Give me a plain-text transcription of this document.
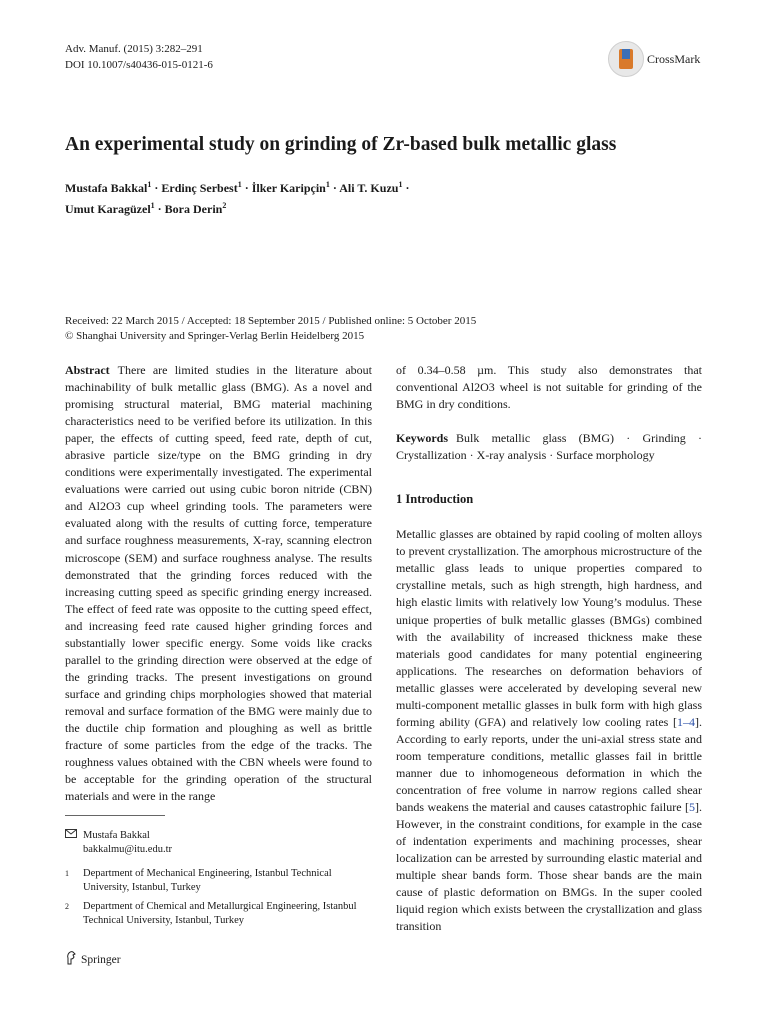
Adv. Manuf. (2015) 3:282–291
DOI 10.1007/s40436-015-0121-6	CrossMark
An experimental study on grinding of Zr-based bulk metallic glass
Mustafa Bakkal$^1$ · Erdinç Serbest$^1$ · İlker Karipçin$^1$ · Ali T. Kuzu$^1$ ·
Umut Karagüzel$^1$ · Bora Derin$^2$
Received: 22 March 2015 / Accepted: 18 September 2015 / Published online: 5 October 2015
© Shanghai University and Springer-Verlag Berlin Heidelberg 2015
Abstract There are limited studies in the literature about machinability of bulk metallic glass (BMG). As a novel and promising structural material, BMG material machining characteristics need to be verified before its utilization. In this paper, the effects of cutting speed, feed rate, depth of cut, abrasive particle size/type on the BMG grinding in dry conditions were experimentally investigated. The experimental evaluations were carried out using cubic boron nitride (CBN) and Al2O3 cup wheel grinding tools. The parameters were evaluated along with the results of cutting force, temperature and surface roughness measurements, X-ray, scanning electron microscope (SEM) and surface roughness analyse. The results demonstrated that the grinding forces reduced with the increasing cutting speed as specific grinding energy increased. The effect of feed rate was opposite to the cutting speed effect, and increasing feed rate caused higher grinding forces and substantially lower specific energy. Some voids like cracks parallel to the grinding direction were observed at the edge of the grinding tracks. The present investigations on ground surface and grinding chips morphologies showed that material removal and surface formation of the BMG were mainly due to the ductile chip formation and ploughing as well as brittle fracture of some particles from the edge of the tracks. The roughness values obtained with the CBN wheels were found to be acceptable for the grinding operation of the structural materials and were in the range
Mustafa Bakkal
bakkalmu@itu.edu.tr
1 Department of Mechanical Engineering, Istanbul Technical University, Istanbul, Turkey
2 Department of Chemical and Metallurgical Engineering, Istanbul Technical University, Istanbul, Turkey
Springer
of 0.34–0.58 µm. This study also demonstrates that conventional Al2O3 wheel is not suitable for grinding of the BMG in dry conditions.
Keywords Bulk metallic glass (BMG) · Grinding · Crystallization · X-ray analysis · Surface morphology
1 Introduction
Metallic glasses are obtained by rapid cooling of molten alloys to prevent crystallization. The amorphous microstructure of the metallic glass leads to unique properties compared to crystalline metals, such as high strength, high hardness, and high elastic limits with relatively low Young’s modulus. These unique properties of bulk metallic glasses (BMGs) combined with the availability of increased thickness make these materials good candidates for many potential engineering applications. The researches on deformation behaviors of metallic glasses were accelerated by developing several new multi-component metallic glasses in bulk form with high glass forming ability (GFA) and relatively low cooling rates [1–4]. According to early reports, under the uni-axial stress state and room temperature conditions, metallic glasses fail in brittle manner due to inhomogeneous deformation in which the concentration of free volume in narrow regions called shear bands weakens the material and causes catastrophic failure [5]. However, in the constraint conditions, for example in the case of indentation experiments and machining processes, shear localization can be arrested by surrounding elastic material and multiple shear bands form. Those shear bands are the main cause of plastic deformation on BMGs. In the super cooled liquid region which exists between the crystallization and glass transition
